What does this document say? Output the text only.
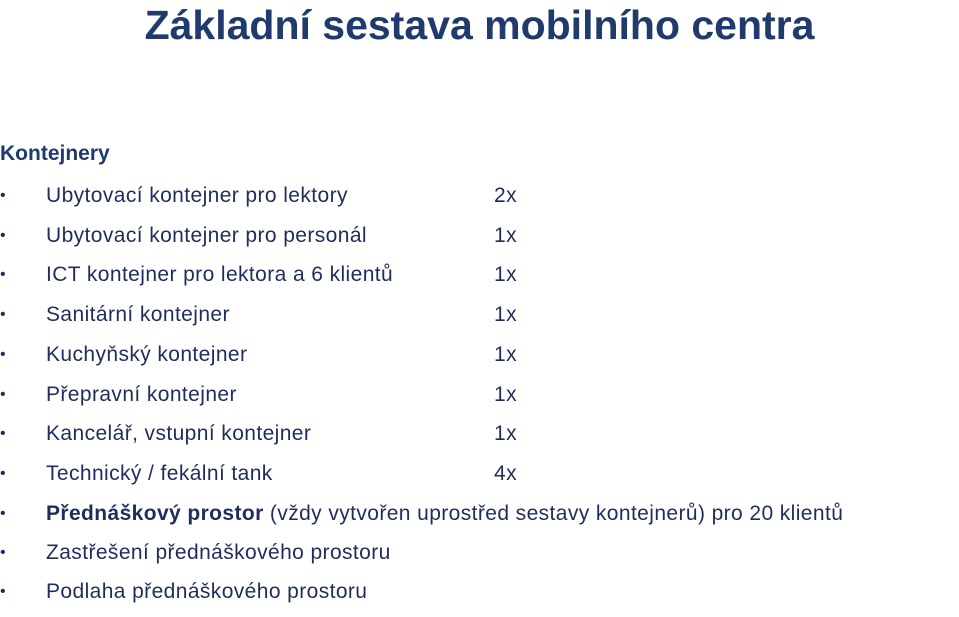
Základní sestava mobilního centra
Kontejnery
•	Ubytovací kontejner pro lektory	2x
•	Ubytovací kontejner pro personál	1x
•	ICT kontejner pro lektora a 6 klientů	1x
•	Sanitární kontejner	1x
•	Kuchyňský kontejner	1x
•	Přepravní kontejner	1x
•	Kancelář, vstupní kontejner	1x
•	Technický / fekální tank	4x
•	Přednáškový prostor (vždy vytvořen uprostřed sestavy kontejnerů) pro 20 klientů
•	Zastřešení přednáškového prostoru
•	Podlaha přednáškového prostoru
